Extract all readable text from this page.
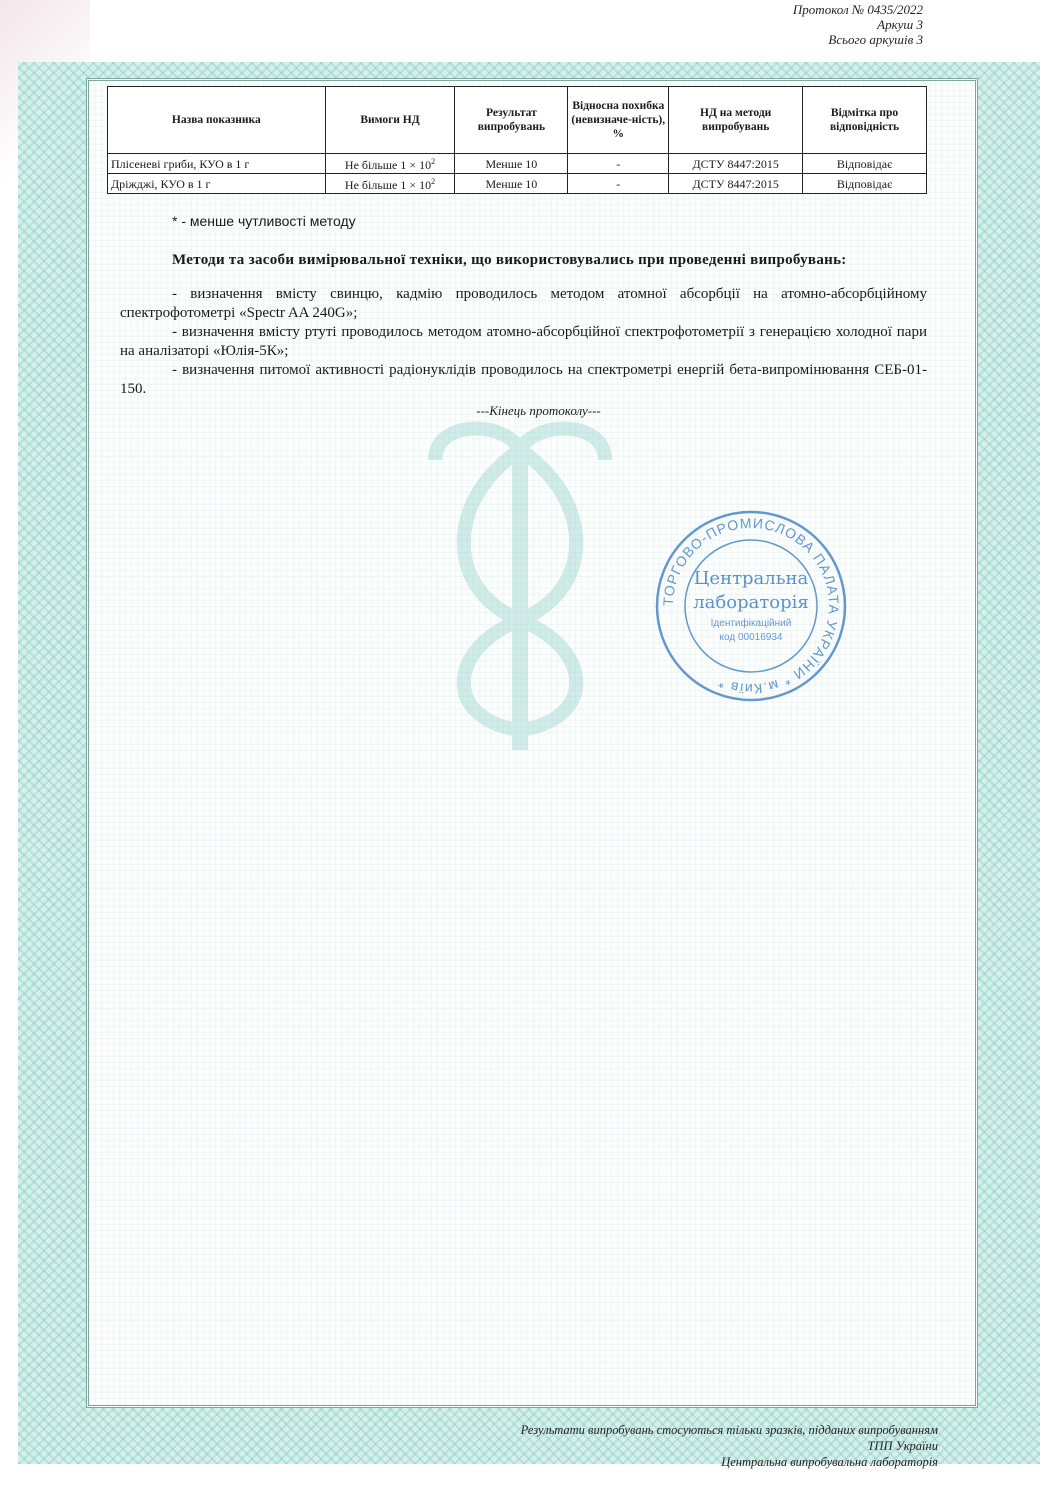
Протокол № 0435/2022
Аркуш 3
Всього аркушів 3
Назва показника	Вимоги НД	Результат випробувань	Відносна похибка (невизначе-ність), %	НД на методи випробувань	Відмітка про відповідність
Плісеневі гриби, КУО в 1 г	Не більше $1 \times 10^2$	Менше 10	-	ДСТУ 8447:2015	Відповідає
Дріжджі, КУО в 1 г	Не більше $1 \times 10^2$	Менше 10	-	ДСТУ 8447:2015	Відповідає

* - менше чутливості методу

Методи та засоби вимірювальної техніки, що використовувались при проведенні випробувань:

- визначення вмісту свинцю, кадмію проводилось методом атомної абсорбції на атомно-абсорбційному спектрофотометрі «Spectr AA 240G»;

- визначення вмісту ртуті проводилось методом атомно-абсорбційної спектрофотометрії з генерацією холодної пари на аналізаторі «Юлія-5К»;

- визначення питомої активності радіонуклідів проводилось на спектрометрі енергій бета-випромінювання СЕБ-01-150.

---Кінець протоколу---

ТОРГОВО-ПРОМИСЛОВА ПАЛАТА УКРАЇНИ * м.Київ *
Центральна
лабораторія
Ідентифікаційний
код 00016934
Результати випробувань стосуються тільки зразків, підданих випробуванням
ТПП України
Центральна випробувальна лабораторія
